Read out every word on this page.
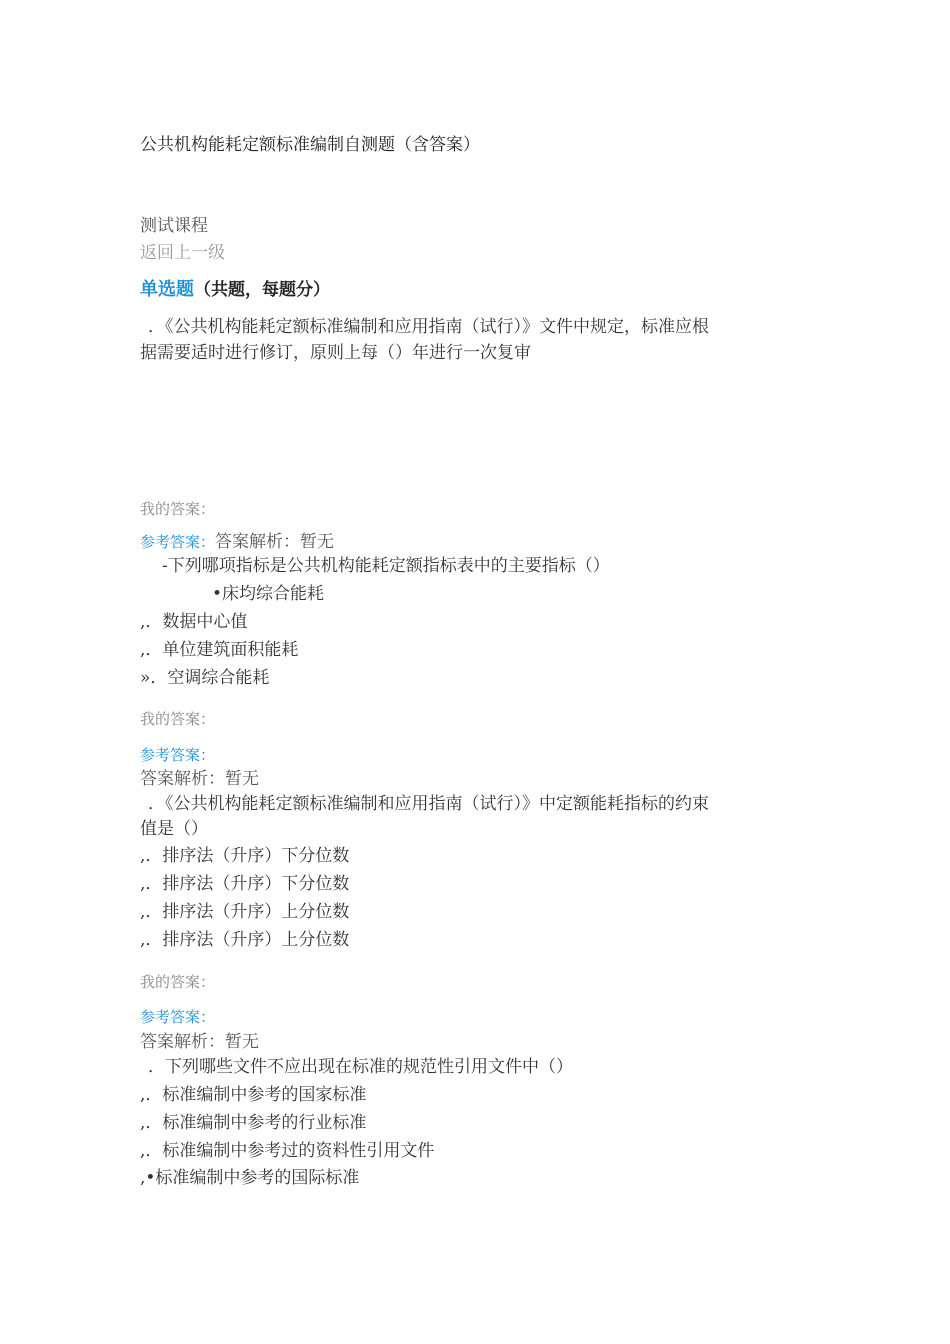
公共机构能耗定额标准编制自测题（含答案）
测试课程
返回上一级
单选题（共题，每题分）
．《公共机构能耗定额标准编制和应用指南（试行）》文件中规定，标准应根
据需要适时进行修订，原则上每（）年进行一次复审
我的答案：
参考答案：答案解析：暂无
-下列哪项指标是公共机构能耗定额指标表中的主要指标（）
•床均综合能耗
,．数据中心值
,．单位建筑面积能耗
»．空调综合能耗
我的答案：
参考答案：
答案解析：暂无
．《公共机构能耗定额标准编制和应用指南（试行）》中定额能耗指标的约束
值是（）
,．排序法（升序）下分位数
,．排序法（升序）下分位数
,．排序法（升序）上分位数
,．排序法（升序）上分位数
我的答案：
参考答案：
答案解析：暂无
．下列哪些文件不应出现在标准的规范性引用文件中（）
,．标准编制中参考的国家标准
,．标准编制中参考的行业标准
,．标准编制中参考过的资料性引用文件
,•标准编制中参考的国际标准
